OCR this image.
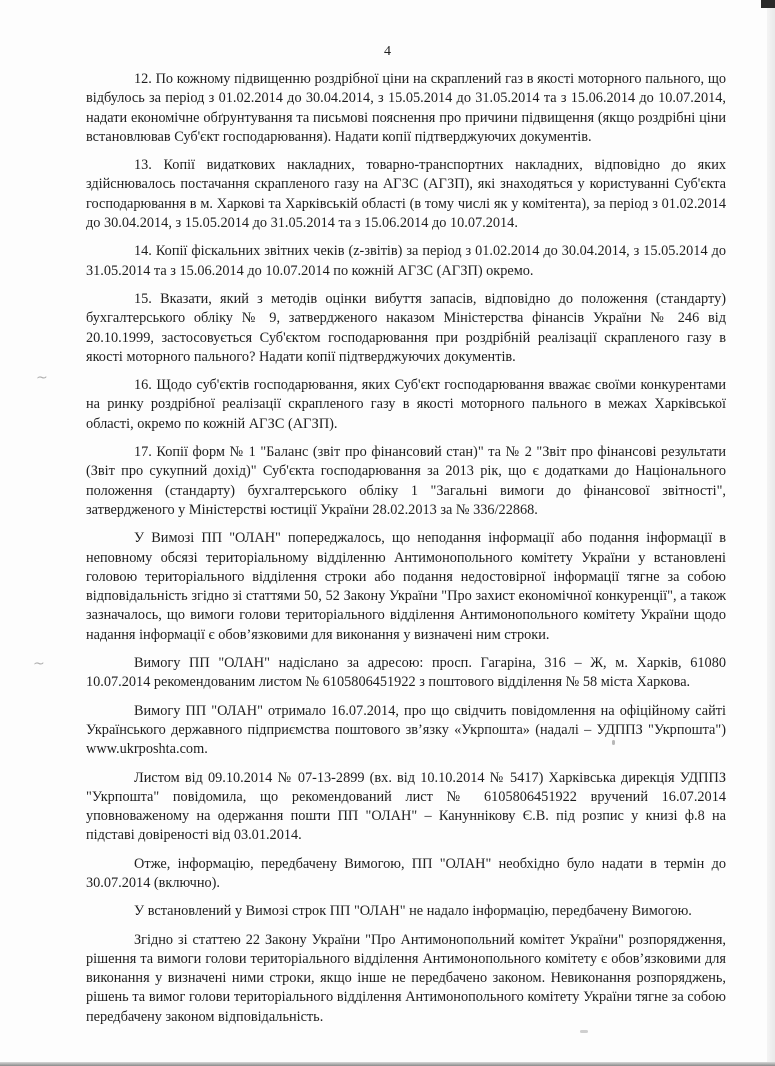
~
~
4

12. По кожному підвищенню роздрібної ціни на скраплений газ в якості моторного пального, що відбулось за період з 01.02.2014 до 30.04.2014, з 15.05.2014 до 31.05.2014 та з 15.06.2014 до 10.07.2014, надати економічне обґрунтування та письмові пояснення про причини підвищення (якщо роздрібні ціни встановлював Суб'єкт господарювання). Надати копії підтверджуючих документів.

13. Копії видаткових накладних, товарно-транспортних накладних, відповідно до яких здійснювалось постачання скрапленого газу на АГЗС (АГЗП), які знаходяться у користуванні Суб'єкта господарювання в м. Харкові та Харківській області (в тому числі як у комітента), за період з 01.02.2014 до 30.04.2014, з 15.05.2014 до 31.05.2014 та з 15.06.2014 до 10.07.2014.

14. Копії фіскальних звітних чеків (z-звітів) за період з 01.02.2014 до 30.04.2014, з 15.05.2014 до 31.05.2014 та з 15.06.2014 до 10.07.2014 по кожній АГЗС (АГЗП) окремо.

15. Вказати, який з методів оцінки вибуття запасів, відповідно до положення (стандарту) бухгалтерського обліку № 9, затвердженого наказом Міністерства фінансів України № 246 від 20.10.1999, застосовується Суб'єктом господарювання при роздрібній реалізації скрапленого газу в якості моторного пального? Надати копії підтверджуючих документів.

16. Щодо суб'єктів господарювання, яких Суб'єкт господарювання вважає своїми конкурентами на ринку роздрібної реалізації скрапленого газу в якості моторного пального в межах Харківської області, окремо по кожній АГЗС (АГЗП).

17. Копії форм № 1 "Баланс (звіт про фінансовий стан)" та № 2 "Звіт про фінансові результати (Звіт про сукупний дохід)" Суб'єкта господарювання за 2013 рік, що є додатками до Національного положення (стандарту) бухгалтерського обліку 1 "Загальні вимоги до фінансової звітності", затвердженого у Міністерстві юстиції України 28.02.2013 за № 336/22868.

У Вимозі ПП "ОЛАН" попереджалось, що неподання інформації або подання інформації в неповному обсязі територіальному відділенню Антимонопольного комітету України у встановлені головою територіального відділення строки або подання недостовірної інформації тягне за собою відповідальність згідно зі статтями 50, 52 Закону України "Про захист економічної конкуренції", а також зазначалось, що вимоги голови територіального відділення Антимонопольного комітету України щодо надання інформації є обов’язковими для виконання у визначені ним строки.

Вимогу ПП "ОЛАН" надіслано за адресою: просп. Гагаріна, 316 – Ж, м. Харків, 61080 10.07.2014 рекомендованим листом № 6105806451922 з поштового відділення № 58 міста Харкова.

Вимогу ПП "ОЛАН" отримало 16.07.2014, про що свідчить повідомлення на офіційному сайті Українського державного підприємства поштового зв’язку «Укрпошта» (надалі – УДППЗ "Укрпошта") www.ukrposhta.com.

Листом від 09.10.2014 № 07-13-2899 (вх. від 10.10.2014 № 5417) Харківська дирекція УДППЗ "Укрпошта" повідомила, що рекомендований лист № 6105806451922 вручений 16.07.2014 уповноваженому на одержання пошти ПП "ОЛАН" – Кануннікову Є.В. під розпис у книзі ф.8 на підставі довіреності від 03.01.2014.

Отже, інформацію, передбачену Вимогою, ПП "ОЛАН" необхідно було надати в термін до 30.07.2014 (включно).

У встановлений у Вимозі строк ПП "ОЛАН" не надало інформацію, передбачену Вимогою.

Згідно зі статтею 22 Закону України "Про Антимонопольний комітет України" розпорядження, рішення та вимоги голови територіального відділення Антимонопольного комітету є обов’язковими для виконання у визначені ними строки, якщо інше не передбачено законом. Невиконання розпоряджень, рішень та вимог голови територіального відділення Антимонопольного комітету України тягне за собою передбачену законом відповідальність.
